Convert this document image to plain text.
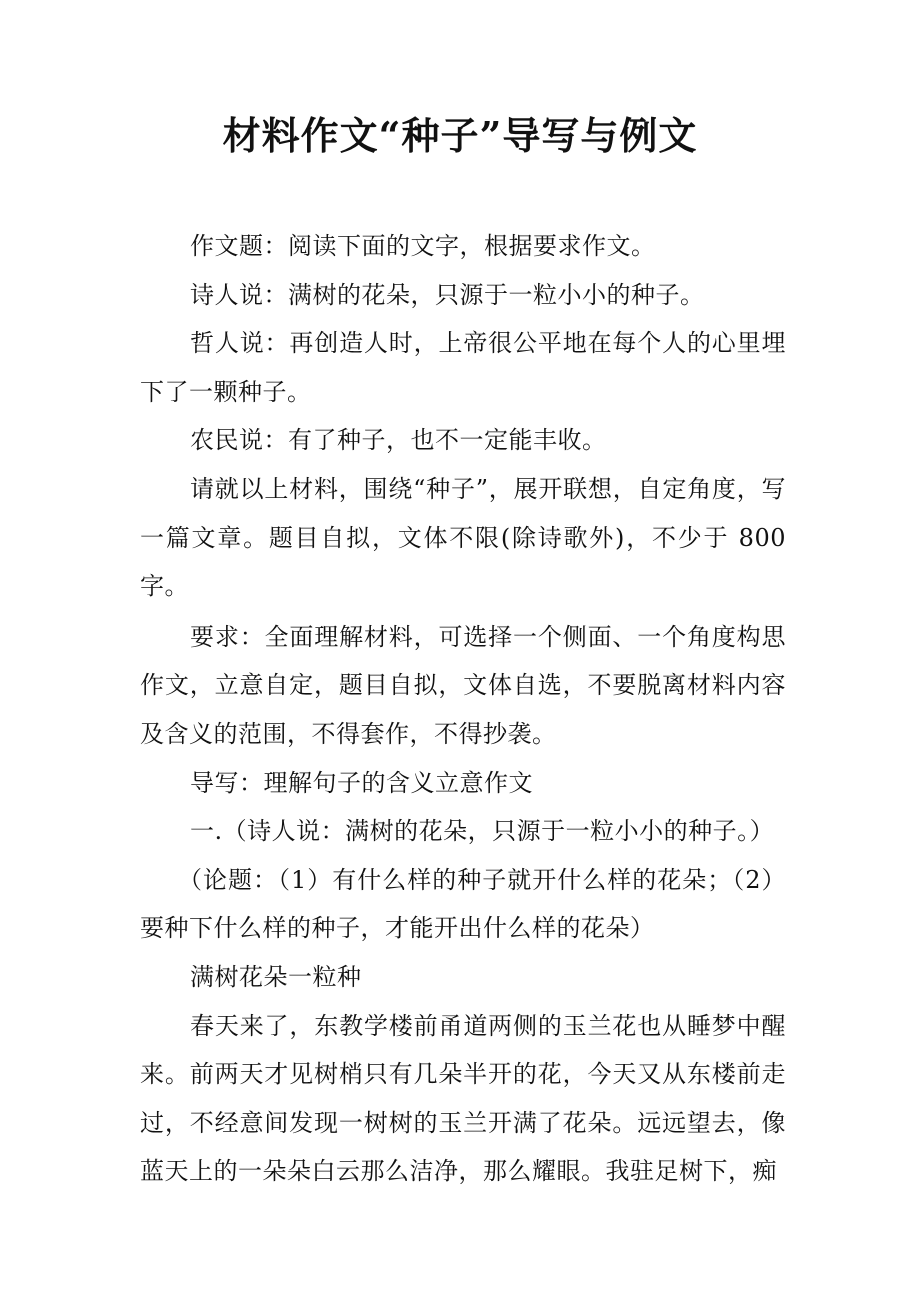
材料作文“种子”导写与例文

作文题：阅读下面的文字，根据要求作文。

诗人说：满树的花朵，只源于一粒小小的种子。

哲人说：再创造人时，上帝很公平地在每个人的心里埋下了一颗种子。

农民说：有了种子，也不一定能丰收。

请就以上材料，围绕“种子”，展开联想，自定角度，写一篇文章。题目自拟，文体不限(除诗歌外)，不少于 800 字。

要求：全面理解材料，可选择一个侧面、一个角度构思作文，立意自定，题目自拟，文体自选，不要脱离材料内容及含义的范围，不得套作，不得抄袭。

导写：理解句子的含义立意作文

一.（诗人说：满树的花朵，只源于一粒小小的种子。）

（论题：（1）有什么样的种子就开什么样的花朵；（2）要种下什么样的种子，才能开出什么样的花朵）

满树花朵一粒种

春天来了，东教学楼前甬道两侧的玉兰花也从睡梦中醒来。前两天才见树梢只有几朵半开的花，今天又从东楼前走过，不经意间发现一树树的玉兰开满了花朵。远远望去，像蓝天上的一朵朵白云那么洁净，那么耀眼。我驻足树下，痴
